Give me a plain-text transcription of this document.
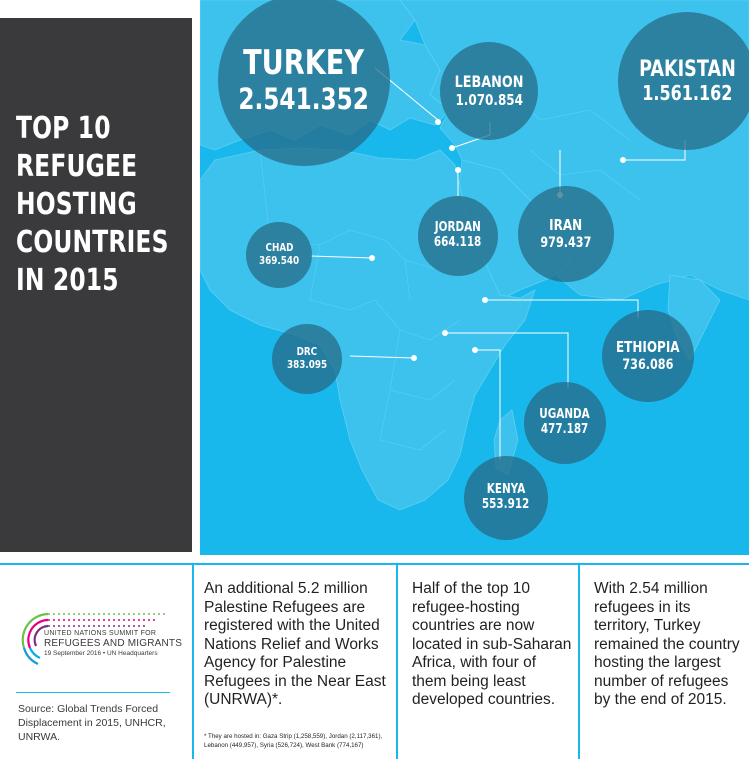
TOP 10
REFUGEE
HOSTING
COUNTRIES
IN 2015
TURKEY
2.541.352
LEBANON
1.070.854
PAKISTAN
1.561.162
JORDAN
664.118
IRAN
979.437
CHAD
369.540
DRC
383.095
ETHIOPIA
736.086
UGANDA
477.187
KENYA
553.912
UNITED NATIONS SUMMIT FOR
REFUGEES AND MIGRANTS
19 September 2016 • UN Headquarters

Source: Global Trends Forced Displacement in 2015, UNHCR, UNRWA.

An additional 5.2 million Palestine Refugees are registered with the United Nations Relief and Works Agency for Palestine Refugees in the Near East (UNRWA)*.

* They are hosted in: Gaza Strip (1,258,559), Jordan (2,117,361), Lebanon (449,957), Syria (526,724), West Bank (774,167)

Half of the top 10 refugee-hosting countries are now located in sub-Saharan Africa, with four of them being least developed countries.

With 2.54 million refugees in its territory, Turkey remained the country hosting the largest number of refugees by the end of 2015.
